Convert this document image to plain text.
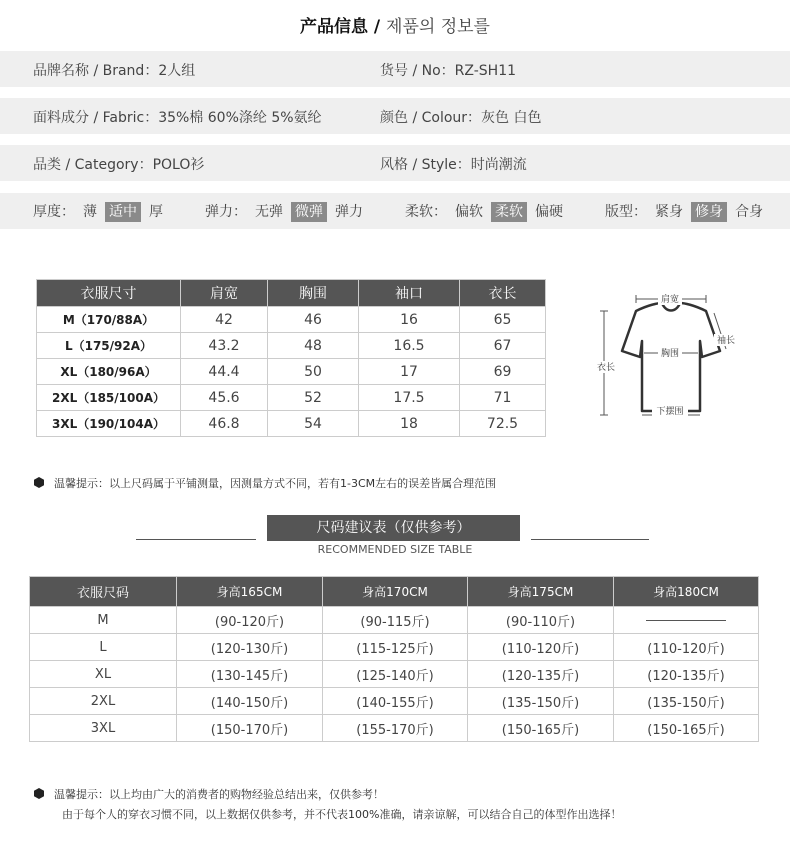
产品信息 / 제품의 정보를
品牌名称 / Brand：2人组	货号 / No：RZ-SH11
面料成分 / Fabric：35%棉 60%涤纶 5%氨纶	颜色 / Colour：灰色 白色
品类 / Category：POLO衫	风格 / Style：时尚潮流
厚度： 薄 适中 厚	弹力： 无弹 微弹 弹力	柔软： 偏软 柔软 偏硬	版型： 紧身 修身 合身
衣服尺寸	肩宽	胸围	袖口	衣长
M（170/88A）	42	46	16	65
L（175/92A）	43.2	48	16.5	67
XL（180/96A）	44.4	50	17	69
2XL（185/100A）	45.6	52	17.5	71
3XL（190/104A）	46.8	54	18	72.5
肩宽
袖长
胸围
衣长
下摆围
温馨提示：以上尺码属于平铺测量，因测量方式不同，若有1-3CM左右的误差皆属合理范围
尺码建议表（仅供参考）
RECOMMENDED SIZE TABLE
衣服尺码	身高165CM	身高170CM	身高175CM	身高180CM
M	(90-120斤)	(90-115斤)	(90-110斤)	
L	(120-130斤)	(115-125斤)	(110-120斤)	(110-120斤)
XL	(130-145斤)	(125-140斤)	(120-135斤)	(120-135斤)
2XL	(140-150斤)	(140-155斤)	(135-150斤)	(135-150斤)
3XL	(150-170斤)	(155-170斤)	(150-165斤)	(150-165斤)
温馨提示：以上均由广大的消费者的购物经验总结出来，仅供参考！
由于每个人的穿衣习惯不同，以上数据仅供参考，并不代表100%准确，请亲谅解，可以结合自己的体型作出选择！
